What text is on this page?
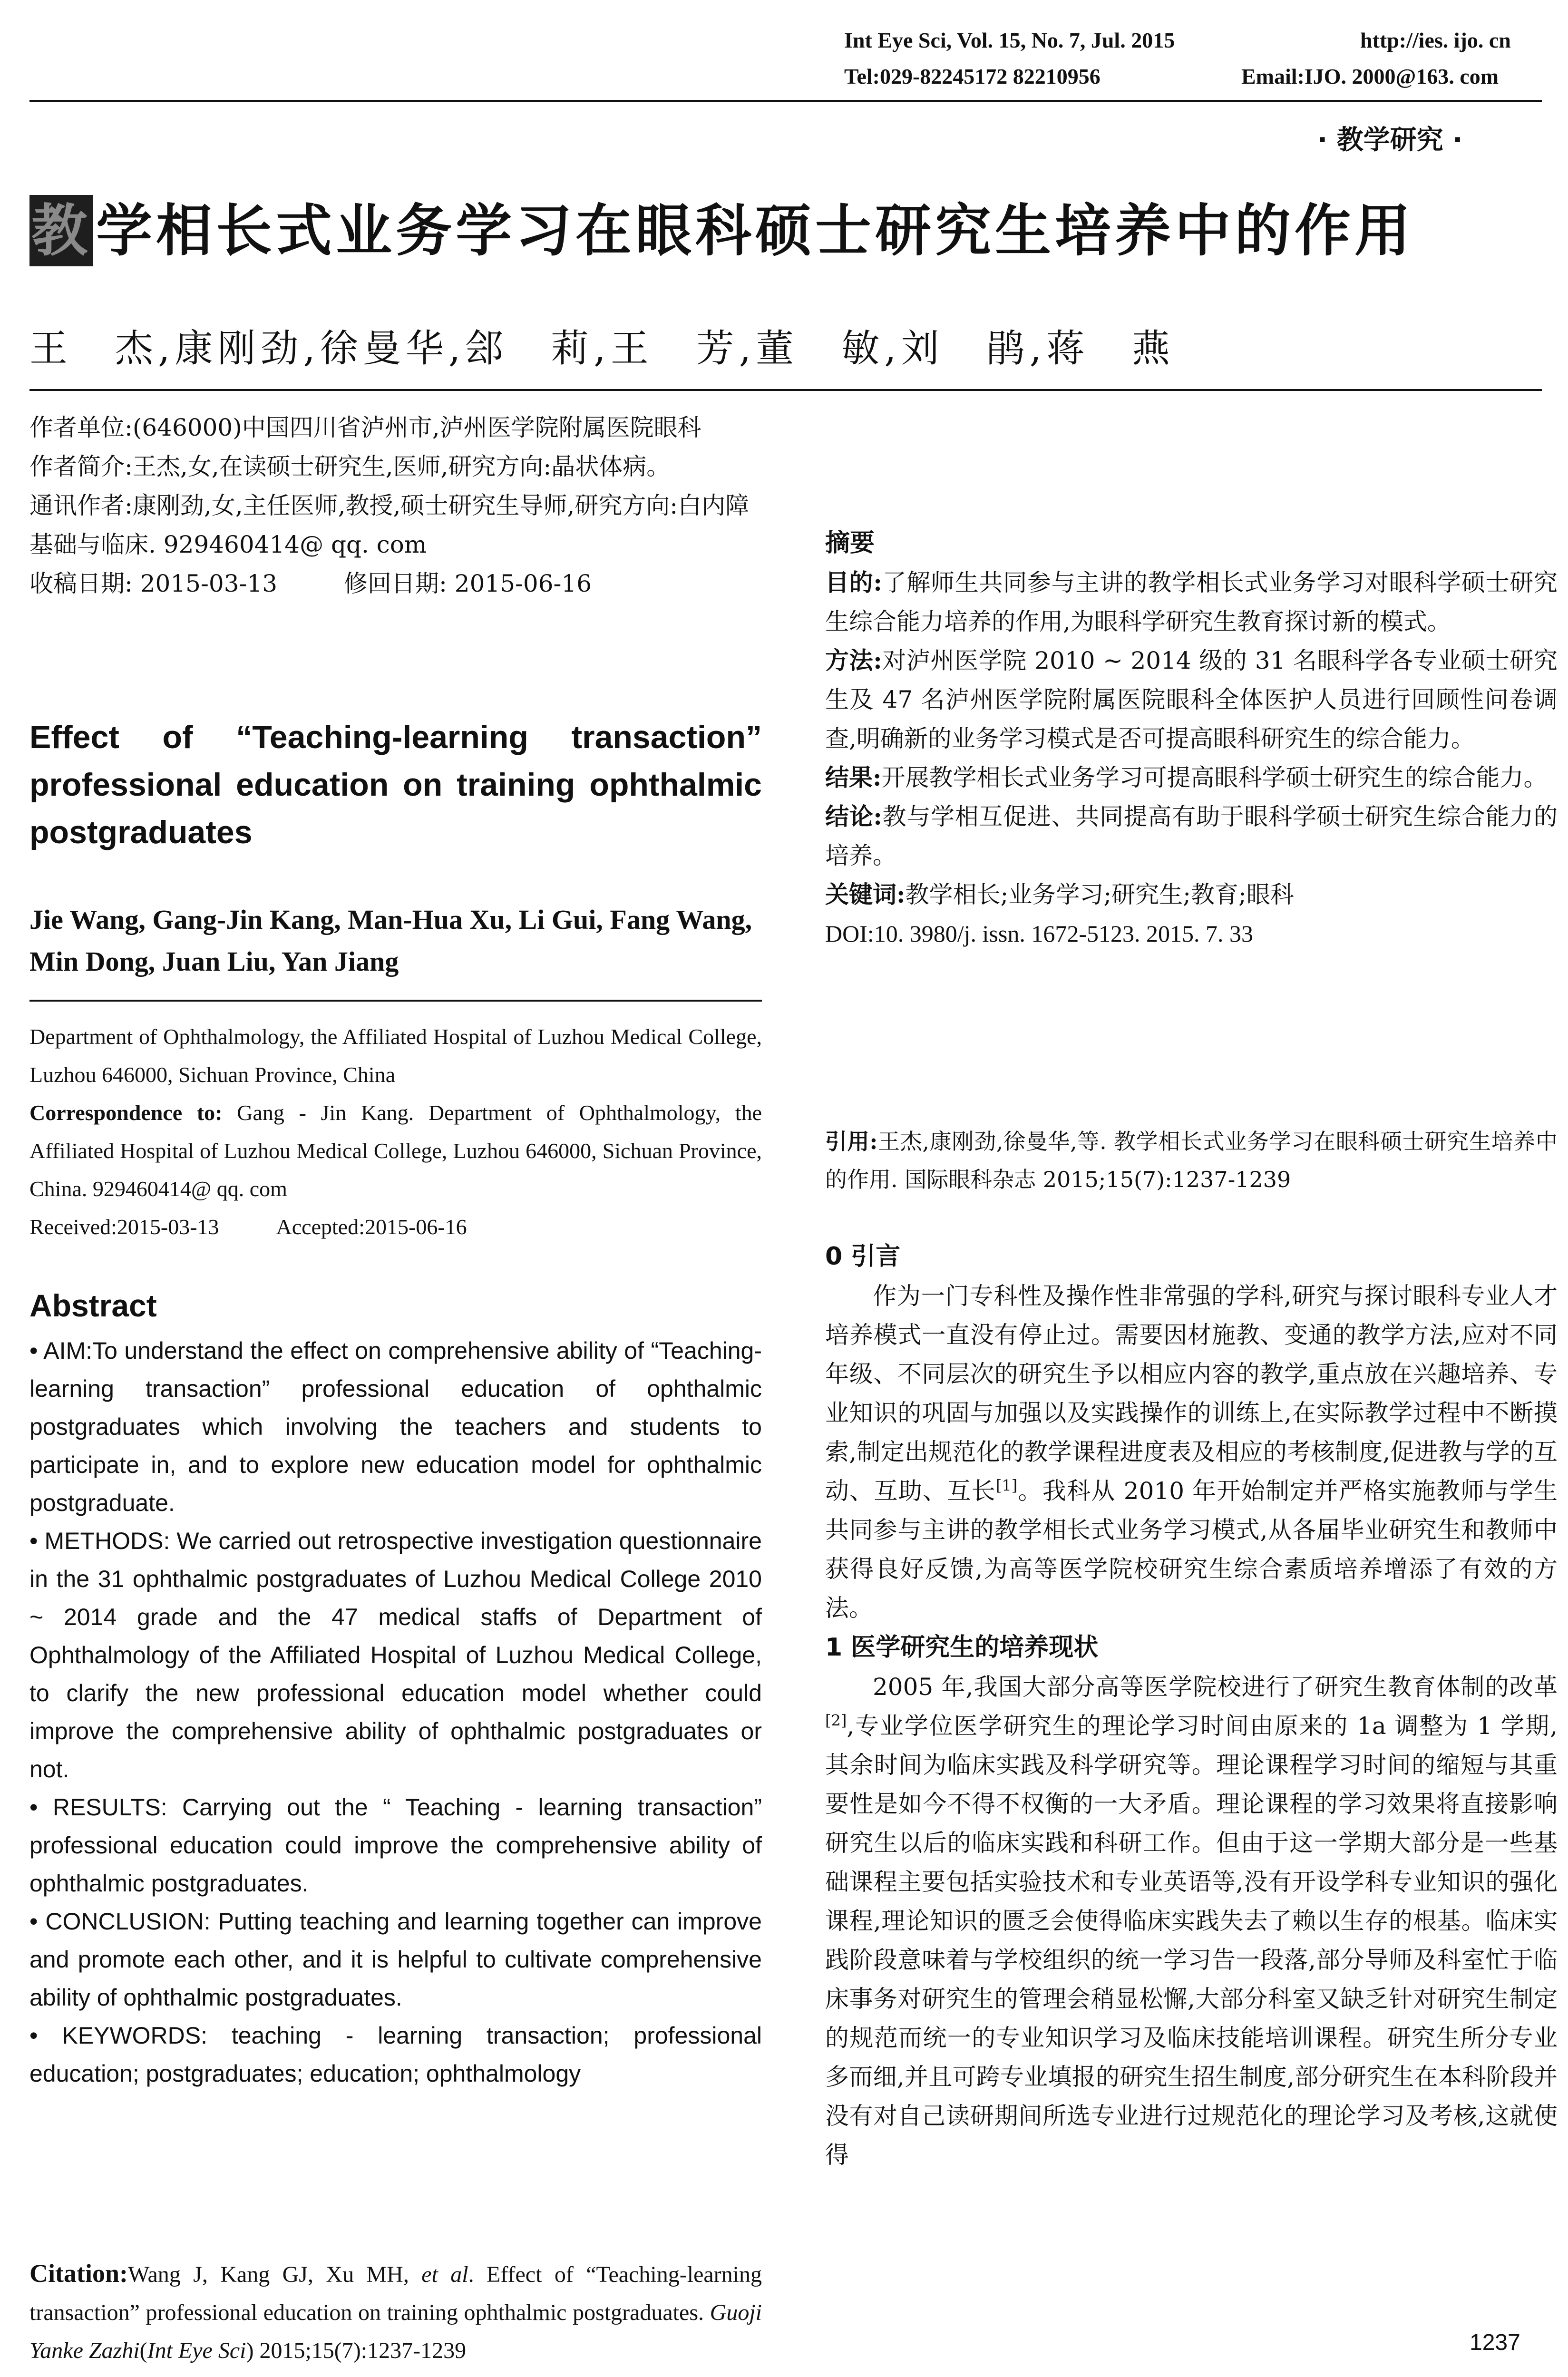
Int Eye Sci, Vol. 15, No. 7, Jul. 2015	http://ies. ijo. cn
Tel:029-82245172 82210956	Email:IJO. 2000@163. com
· 教学研究 ·
教学相长式业务学习在眼科硕士研究生培养中的作用
王　杰,康刚劲,徐曼华,郐　莉,王　芳,董　敏,刘　鹃,蒋　燕
作者单位:(646000)中国四川省泸州市,泸州医学院附属医院眼科
作者简介:王杰,女,在读硕士研究生,医师,研究方向:晶状体病。
通讯作者:康刚劲,女,主任医师,教授,硕士研究生导师,研究方向:白内障基础与临床. 929460414@ qq. com
收稿日期: 2015-03-13	修回日期: 2015-06-16
Effect of “Teaching-learning transaction” professional education on training ophthalmic postgraduates
Jie Wang, Gang-Jin Kang, Man-Hua Xu, Li Gui, Fang Wang, Min Dong, Juan Liu, Yan Jiang
Department of Ophthalmology, the Affiliated Hospital of Luzhou Medical College, Luzhou 646000, Sichuan Province, China
Correspondence to: Gang - Jin Kang. Department of Ophthalmology, the Affiliated Hospital of Luzhou Medical College, Luzhou 646000, Sichuan Province, China. 929460414@ qq. com
Received:2015-03-13	Accepted:2015-06-16
Abstract

• AIM:To understand the effect on comprehensive ability of “Teaching-learning transaction” professional education of ophthalmic postgraduates which involving the teachers and students to participate in, and to explore new education model for ophthalmic postgraduate.

• METHODS: We carried out retrospective investigation questionnaire in the 31 ophthalmic postgraduates of Luzhou Medical College 2010 ~ 2014 grade and the 47 medical staffs of Department of Ophthalmology of the Affiliated Hospital of Luzhou Medical College, to clarify the new professional education model whether could improve the comprehensive ability of ophthalmic postgraduates or not.

• RESULTS: Carrying out the “ Teaching - learning transaction” professional education could improve the comprehensive ability of ophthalmic postgraduates.

• CONCLUSION: Putting teaching and learning together can improve and promote each other, and it is helpful to cultivate comprehensive ability of ophthalmic postgraduates.

• KEYWORDS: teaching - learning transaction; professional education; postgraduates; education; ophthalmology

Citation:Wang J, Kang GJ, Xu MH, et al. Effect of “Teaching-learning transaction” professional education on training ophthalmic postgraduates. Guoji Yanke Zazhi(Int Eye Sci) 2015;15(7):1237-1239
摘要

目的:了解师生共同参与主讲的教学相长式业务学习对眼科学硕士研究生综合能力培养的作用,为眼科学研究生教育探讨新的模式。

方法:对泸州医学院 2010 ~ 2014 级的 31 名眼科学各专业硕士研究生及 47 名泸州医学院附属医院眼科全体医护人员进行回顾性问卷调查,明确新的业务学习模式是否可提高眼科研究生的综合能力。

结果:开展教学相长式业务学习可提高眼科学硕士研究生的综合能力。

结论:教与学相互促进、共同提高有助于眼科学硕士研究生综合能力的培养。

关键词:教学相长;业务学习;研究生;教育;眼科

DOI:10. 3980/j. issn. 1672-5123. 2015. 7. 33

引用:王杰,康刚劲,徐曼华,等. 教学相长式业务学习在眼科硕士研究生培养中的作用. 国际眼科杂志 2015;15(7):1237-1239

0 引言

作为一门专科性及操作性非常强的学科,研究与探讨眼科专业人才培养模式一直没有停止过。需要因材施教、变通的教学方法,应对不同年级、不同层次的研究生予以相应内容的教学,重点放在兴趣培养、专业知识的巩固与加强以及实践操作的训练上,在实际教学过程中不断摸索,制定出规范化的教学课程进度表及相应的考核制度,促进教与学的互动、互助、互长[1]。我科从 2010 年开始制定并严格实施教师与学生共同参与主讲的教学相长式业务学习模式,从各届毕业研究生和教师中获得良好反馈,为高等医学院校研究生综合素质培养增添了有效的方法。

1 医学研究生的培养现状

2005 年,我国大部分高等医学院校进行了研究生教育体制的改革[2],专业学位医学研究生的理论学习时间由原来的 1a 调整为 1 学期, 其余时间为临床实践及科学研究等。理论课程学习时间的缩短与其重要性是如今不得不权衡的一大矛盾。理论课程的学习效果将直接影响研究生以后的临床实践和科研工作。但由于这一学期大部分是一些基础课程主要包括实验技术和专业英语等,没有开设学科专业知识的强化课程,理论知识的匮乏会使得临床实践失去了赖以生存的根基。临床实践阶段意味着与学校组织的统一学习告一段落,部分导师及科室忙于临床事务对研究生的管理会稍显松懈,大部分科室又缺乏针对研究生制定的规范而统一的专业知识学习及临床技能培训课程。研究生所分专业多而细,并且可跨专业填报的研究生招生制度,部分研究生在本科阶段并没有对自己读研期间所选专业进行过规范化的理论学习及考核,这就使得

1237
